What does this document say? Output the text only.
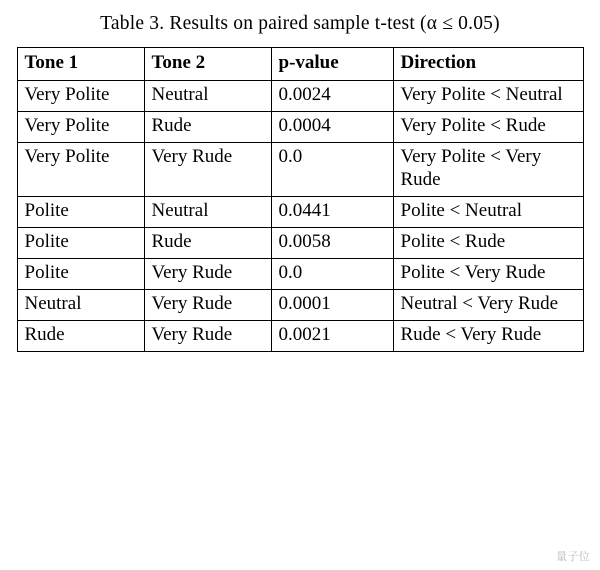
Table 3. Results on paired sample t-test (α ≤ 0.05)
Tone 1	Tone 2	p-value	Direction

Very Polite	Neutral	0.0024	Very Polite < Neutral

Very Polite	Rude	0.0004	Very Polite < Rude

Very Polite	Very Rude	0.0	Very Polite < Very Rude

Polite	Neutral	0.0441	Polite < Neutral

Polite	Rude	0.0058	Polite < Rude

Polite	Very Rude	0.0	Polite < Very Rude

Neutral	Very Rude	0.0001	Neutral < Very Rude

Rude	Very Rude	0.0021	Rude < Very Rude
量子位
